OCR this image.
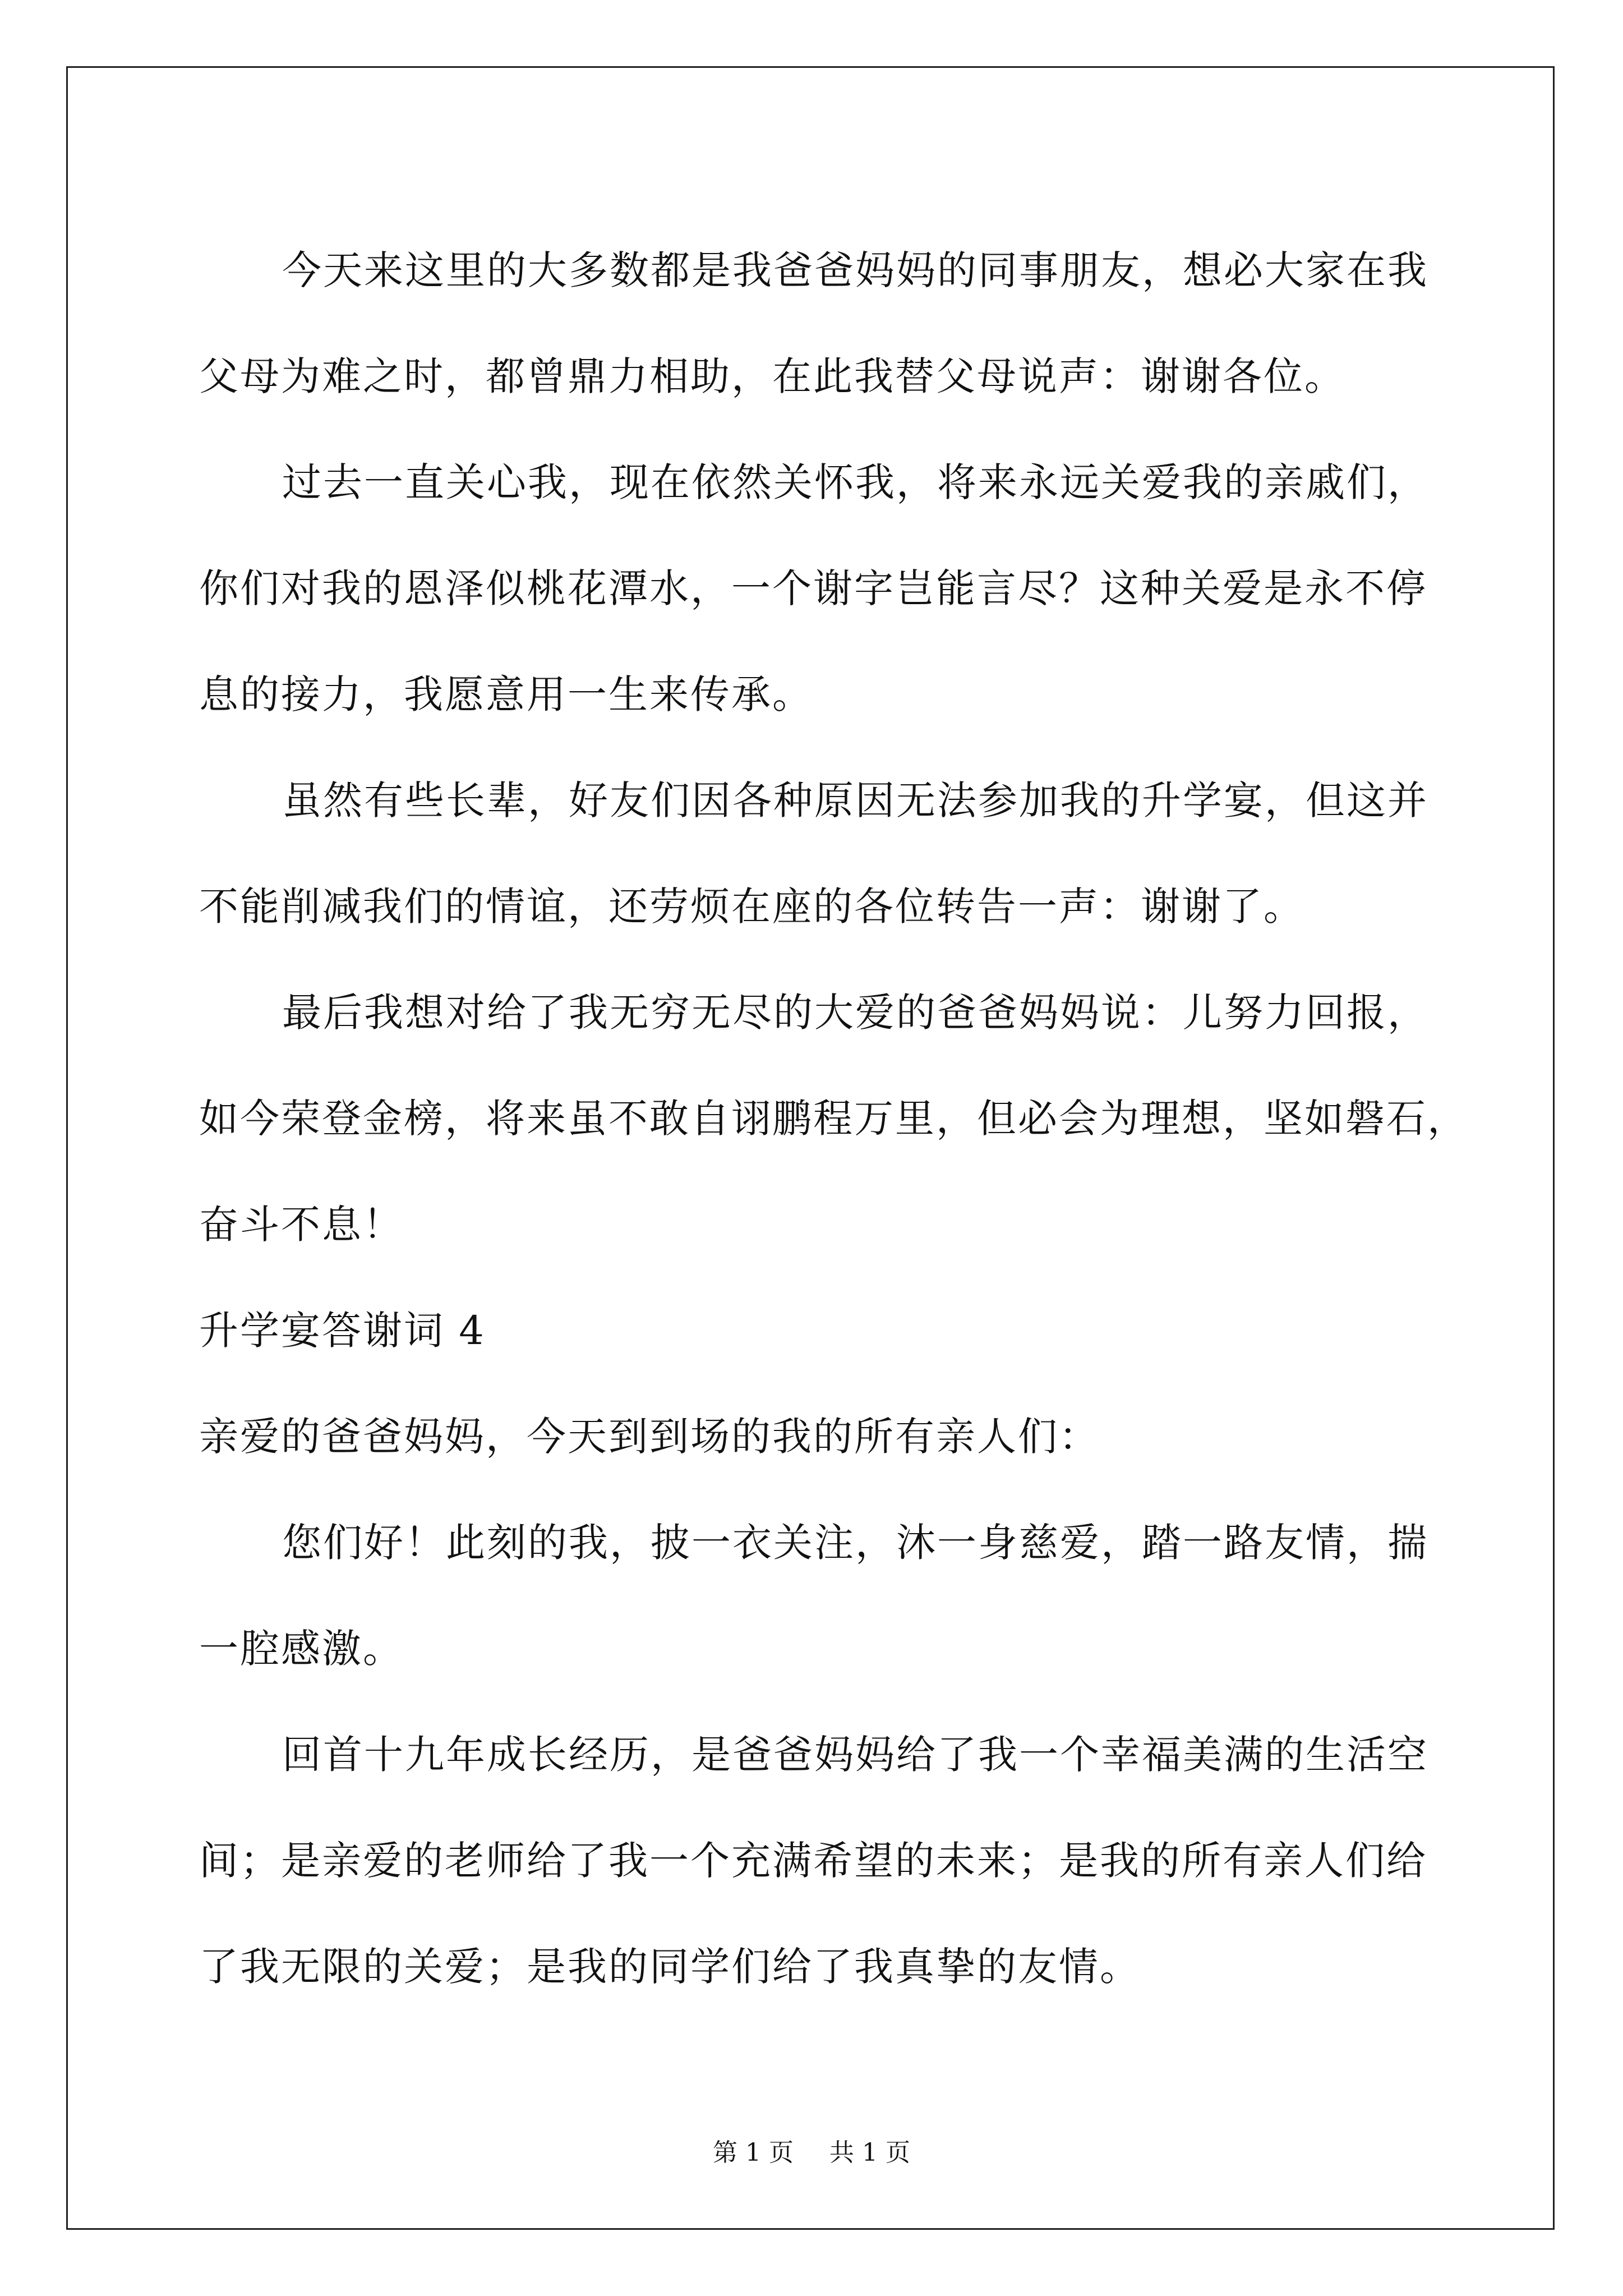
今天来这里的大多数都是我爸爸妈妈的同事朋友，想必大家在我
父母为难之时，都曾鼎力相助，在此我替父母说声：谢谢各位。

过去一直关心我，现在依然关怀我，将来永远关爱我的亲戚们，
你们对我的恩泽似桃花潭水，一个谢字岂能言尽？这种关爱是永不停
息的接力，我愿意用一生来传承。

虽然有些长辈，好友们因各种原因无法参加我的升学宴，但这并
不能削减我们的情谊，还劳烦在座的各位转告一声：谢谢了。

最后我想对给了我无穷无尽的大爱的爸爸妈妈说：儿努力回报，
如今荣登金榜，将来虽不敢自诩鹏程万里，但必会为理想，坚如磐石，
奋斗不息！

升学宴答谢词 4

亲爱的爸爸妈妈，今天到到场的我的所有亲人们：

您们好！此刻的我，披一衣关注，沐一身慈爱，踏一路友情，揣
一腔感激。

回首十九年成长经历，是爸爸妈妈给了我一个幸福美满的生活空
间；是亲爱的老师给了我一个充满希望的未来；是我的所有亲人们给
了我无限的关爱；是我的同学们给了我真挚的友情。

第 1 页 共 1 页
